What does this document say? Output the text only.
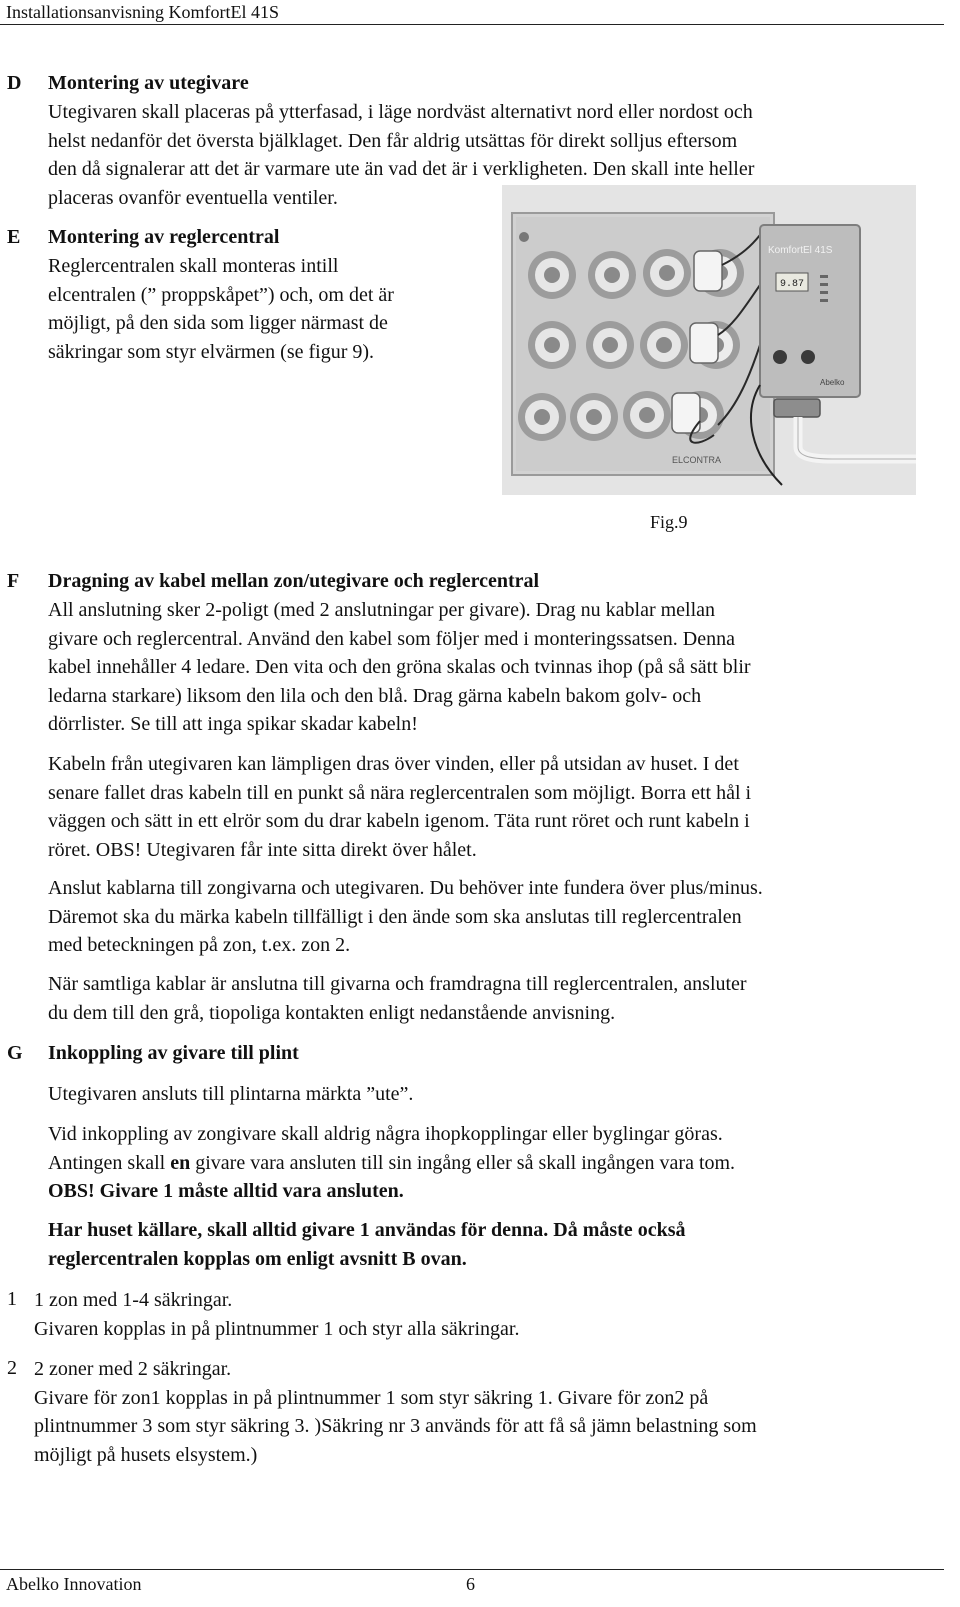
Installationsanvisning KomfortEl 41S
D Montering av utegivare
Utegivaren skall placeras på ytterfasad, i läge nordväst alternativt nord eller nordost och
helst nedanför det översta bjälklaget. Den får aldrig utsättas för direkt solljus eftersom
den då signalerar att det är varmare ute än vad det är i verkligheten. Den skall inte heller
placeras ovanför eventuella ventiler.
E Montering av reglercentral
Reglercentralen skall monteras intill
elcentralen (” proppskåpet”) och, om det är
möjligt, på den sida som ligger närmast de
säkringar som styr elvärmen (se figur 9).
ELCONTRA
KomfortEl 41S
9.87
Abelko
Fig.9
F Dragning av kabel mellan zon/utegivare och reglercentral
All anslutning sker 2-poligt (med 2 anslutningar per givare). Drag nu kablar mellan
givare och reglercentral. Använd den kabel som följer med i monteringssatsen. Denna
kabel innehåller 4 ledare. Den vita och den gröna skalas och tvinnas ihop (på så sätt blir
ledarna starkare) liksom den lila och den blå. Drag gärna kabeln bakom golv- och
dörrlister. Se till att inga spikar skadar kabeln!
Kabeln från utegivaren kan lämpligen dras över vinden, eller på utsidan av huset. I det
senare fallet dras kabeln till en punkt så nära reglercentralen som möjligt. Borra ett hål i
väggen och sätt in ett elrör som du drar kabeln igenom. Täta runt röret och runt kabeln i
röret. OBS! Utegivaren får inte sitta direkt över hålet.
Anslut kablarna till zongivarna och utegivaren. Du behöver inte fundera över plus/minus.
Däremot ska du märka kabeln tillfälligt i den ände som ska anslutas till reglercentralen
med beteckningen på zon, t.ex. zon 2.
När samtliga kablar är anslutna till givarna och framdragna till reglercentralen, ansluter
du dem till den grå, tiopoliga kontakten enligt nedanstående anvisning.
G Inkoppling av givare till plint
Utegivaren ansluts till plintarna märkta ”ute”.
Vid inkoppling av zongivare skall aldrig några ihopkopplingar eller byglingar göras.
Antingen skall en givare vara ansluten till sin ingång eller så skall ingången vara tom.
OBS! Givare 1 måste alltid vara ansluten.
Har huset källare, skall alltid givare 1 användas för denna. Då måste också
reglercentralen kopplas om enligt avsnitt B ovan.
1 1 zon med 1-4 säkringar.
Givaren kopplas in på plintnummer 1 och styr alla säkringar.
2 2 zoner med 2 säkringar.
Givare för zon1 kopplas in på plintnummer 1 som styr säkring 1. Givare för zon2 på
plintnummer 3 som styr säkring 3. )Säkring nr 3 används för att få så jämn belastning som
möjligt på husets elsystem.)
Abelko Innovation	6
